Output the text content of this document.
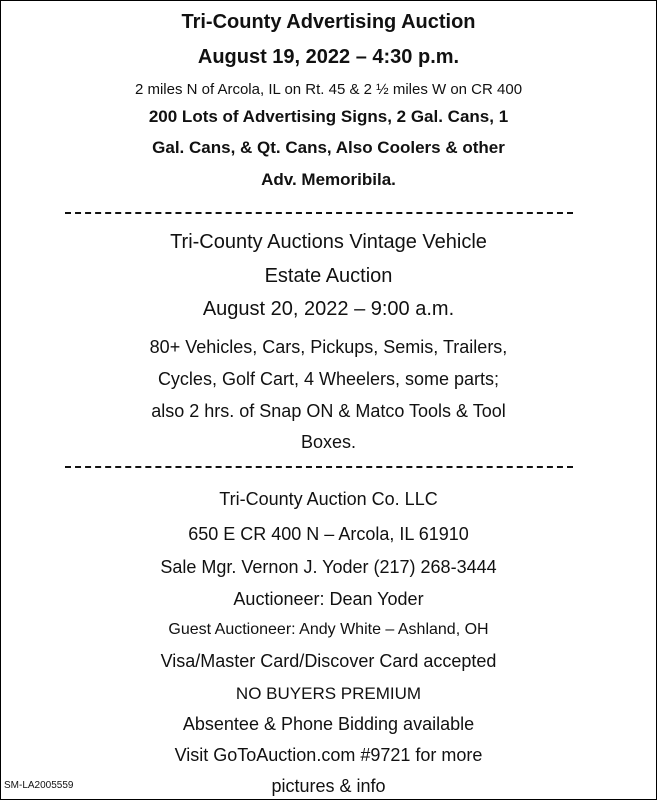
Tri-County Advertising Auction
August 19, 2022 – 4:30 p.m.
2 miles N of Arcola, IL on Rt. 45 & 2 ½ miles W on CR 400
200 Lots of Advertising Signs, 2 Gal. Cans, 1
Gal. Cans, & Qt. Cans, Also Coolers & other
Adv. Memoribila.
Tri-County Auctions Vintage Vehicle
Estate Auction
August 20, 2022 – 9:00 a.m.
80+ Vehicles, Cars, Pickups, Semis, Trailers,
Cycles, Golf Cart, 4 Wheelers, some parts;
also 2 hrs. of Snap ON & Matco Tools & Tool
Boxes.
Tri-County Auction Co. LLC
650 E CR 400 N – Arcola, IL 61910
Sale Mgr. Vernon J. Yoder (217) 268-3444
Auctioneer: Dean Yoder
Guest Auctioneer: Andy White – Ashland, OH
Visa/Master Card/Discover Card accepted
NO BUYERS PREMIUM
Absentee & Phone Bidding available
Visit GoToAuction.com #9721 for more
pictures & info
SM-LA2005559
